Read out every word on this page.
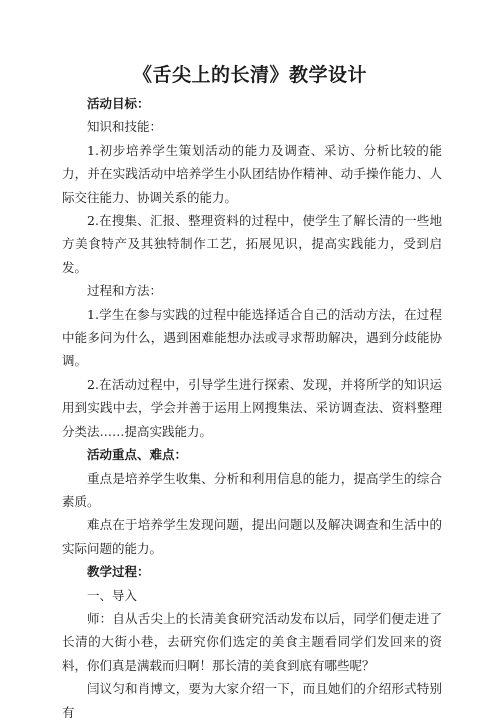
《舌尖上的长清》教学设计

活动目标：

知识和技能：

1.初步培养学生策划活动的能力及调查、采访、分析比较的能力，并在实践活动中培养学生小队团结协作精神、动手操作能力、人际交往能力、协调关系的能力。

2.在搜集、汇报、整理资料的过程中，使学生了解长清的一些地方美食特产及其独特制作工艺，拓展见识，提高实践能力，受到启发。

过程和方法：

1.学生在参与实践的过程中能选择适合自己的活动方法，在过程中能多问为什么，遇到困难能想办法或寻求帮助解决，遇到分歧能协调。

2.在活动过程中，引导学生进行探索、发现，并将所学的知识运用到实践中去，学会并善于运用上网搜集法、采访调查法、资料整理分类法……提高实践能力。

活动重点、难点：

重点是培养学生收集、分析和利用信息的能力，提高学生的综合素质。

难点在于培养学生发现问题，提出问题以及解决调查和生活中的实际问题的能力。

教学过程：

一、导入

师：自从舌尖上的长清美食研究活动发布以后，同学们便走进了长清的大街小巷，去研究你们选定的美食主题看同学们发回来的资料，你们真是满载而归啊！那长清的美食到底有哪些呢？

闫议匀和肖博文，要为大家介绍一下，而且她们的介绍形式特别有
